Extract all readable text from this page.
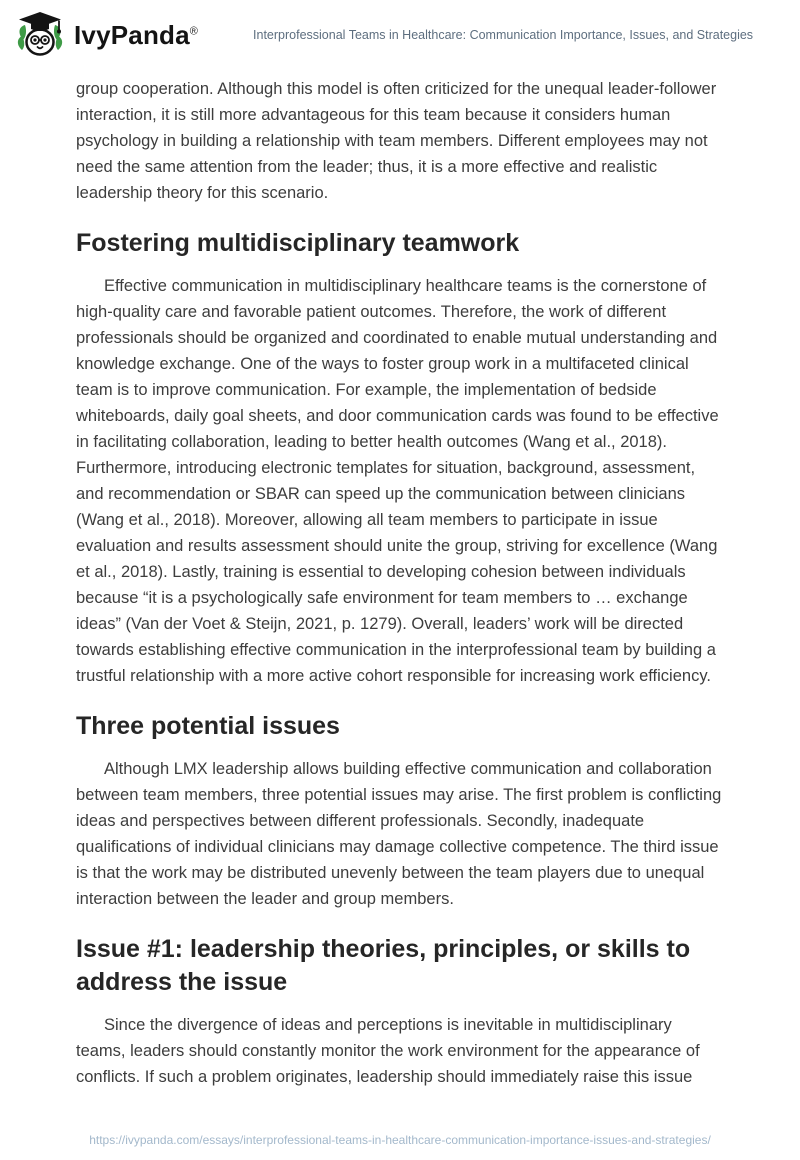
IvyPanda®	Interprofessional Teams in Healthcare: Communication Importance, Issues, and Strategies

group cooperation. Although this model is often criticized for the unequal leader-follower interaction, it is still more advantageous for this team because it considers human psychology in building a relationship with team members. Different employees may not need the same attention from the leader; thus, it is a more effective and realistic leadership theory for this scenario.

Fostering multidisciplinary teamwork

Effective communication in multidisciplinary healthcare teams is the cornerstone of high-quality care and favorable patient outcomes. Therefore, the work of different professionals should be organized and coordinated to enable mutual understanding and knowledge exchange. One of the ways to foster group work in a multifaceted clinical team is to improve communication. For example, the implementation of bedside whiteboards, daily goal sheets, and door communication cards was found to be effective in facilitating collaboration, leading to better health outcomes (Wang et al., 2018). Furthermore, introducing electronic templates for situation, background, assessment, and recommendation or SBAR can speed up the communication between clinicians (Wang et al., 2018). Moreover, allowing all team members to participate in issue evaluation and results assessment should unite the group, striving for excellence (Wang et al., 2018). Lastly, training is essential to developing cohesion between individuals because “it is a psychologically safe environment for team members to … exchange ideas” (Van der Voet & Steijn, 2021, p. 1279). Overall, leaders’ work will be directed towards establishing effective communication in the interprofessional team by building a trustful relationship with a more active cohort responsible for increasing work efficiency.

Three potential issues

Although LMX leadership allows building effective communication and collaboration between team members, three potential issues may arise. The first problem is conflicting ideas and perspectives between different professionals. Secondly, inadequate qualifications of individual clinicians may damage collective competence. The third issue is that the work may be distributed unevenly between the team players due to unequal interaction between the leader and group members.

Issue #1: leadership theories, principles, or skills to address the issue

Since the divergence of ideas and perceptions is inevitable in multidisciplinary teams, leaders should constantly monitor the work environment for the appearance of conflicts. If such a problem originates, leadership should immediately raise this issue

https://ivypanda.com/essays/interprofessional-teams-in-healthcare-communication-importance-issues-and-strategies/
